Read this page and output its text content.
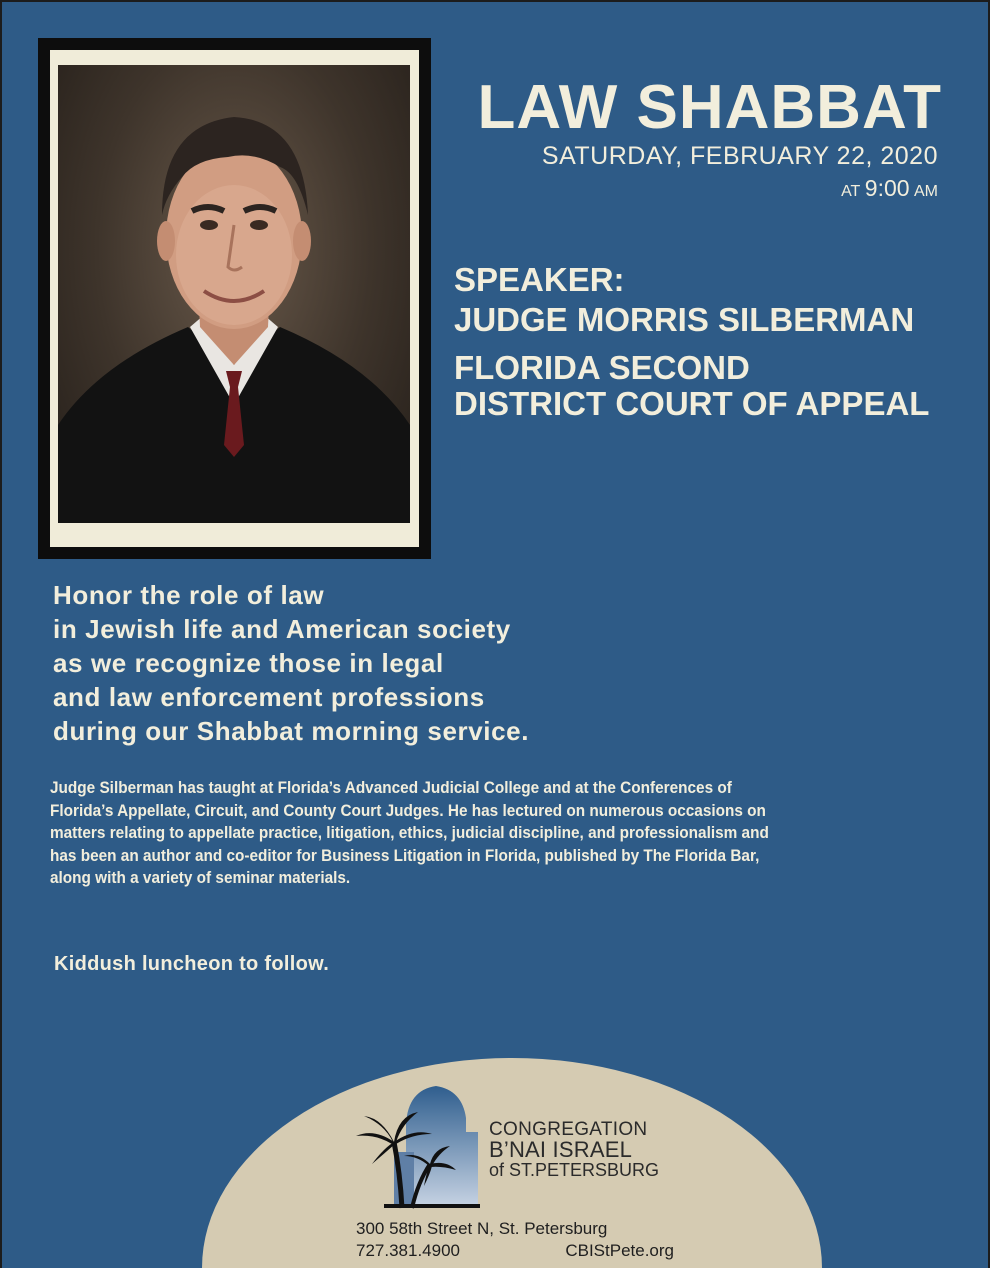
LAW SHABBAT
SATURDAY, FEBRUARY 22, 2020
AT 9:00 AM

SPEAKER:

JUDGE MORRIS SILBERMAN

FLORIDA SECOND

DISTRICT COURT OF APPEAL

Honor the role of law
in Jewish life and American society
as we recognize those in legal
and law enforcement professions
during our Shabbat morning service.
Judge Silberman has taught at Florida’s Advanced Judicial College and at the Conferences of
Florida’s Appellate, Circuit, and County Court Judges. He has lectured on numerous occasions on
matters relating to appellate practice, litigation, ethics, judicial discipline, and professionalism and
has been an author and co-editor for Business Litigation in Florida, published by The Florida Bar,
along with a variety of seminar materials.
Kiddush luncheon to follow.
CONGREGATION
B’NAI ISRAEL
of ST.PETERSBURG
300 58th Street N, St. Petersburg
727.381.4900	CBIStPete.org
